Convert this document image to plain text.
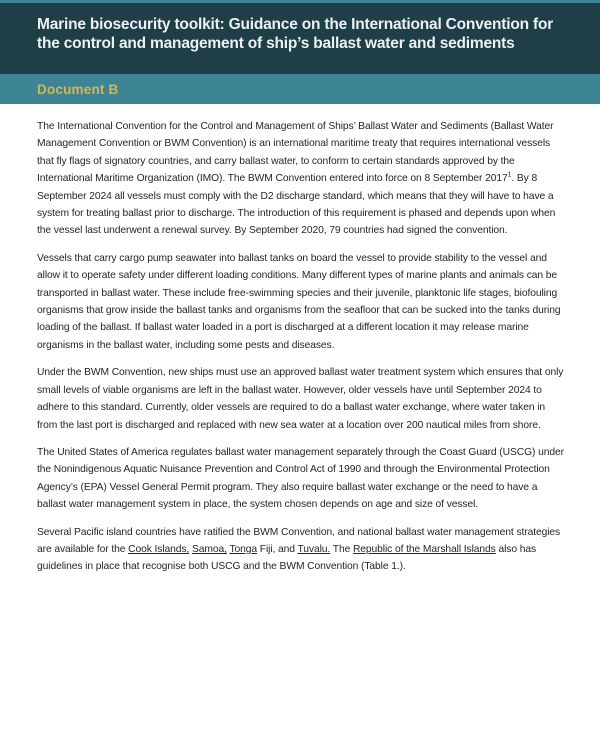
Marine biosecurity toolkit: Guidance on the International Convention for the control and management of ship’s ballast water and sediments
Document B

The International Convention for the Control and Management of Ships’ Ballast Water and Sediments (Ballast Water Management Convention or BWM Convention) is an international maritime treaty that requires international vessels that fly flags of signatory countries, and carry ballast water, to conform to certain standards approved by the International Maritime Organization (IMO). The BWM Convention entered into force on 8 September 2017$^1$. By 8 September 2024 all vessels must comply with the D2 discharge standard, which means that they will have to have a system for treating ballast prior to discharge. The introduction of this requirement is phased and depends upon when the vessel last underwent a renewal survey. By September 2020, 79 countries had signed the convention.

Vessels that carry cargo pump seawater into ballast tanks on board the vessel to provide stability to the vessel and allow it to operate safety under different loading conditions. Many different types of marine plants and animals can be transported in ballast water. These include free-swimming species and their juvenile, planktonic life stages, biofouling organisms that grow inside the ballast tanks and organisms from the seafloor that can be sucked into the tanks during loading of the ballast. If ballast water loaded in a port is discharged at a different location it may release marine organisms in the ballast water, including some pests and diseases.

Under the BWM Convention, new ships must use an approved ballast water treatment system which ensures that only small levels of viable organisms are left in the ballast water. However, older vessels have until September 2024 to adhere to this standard. Currently, older vessels are required to do a ballast water exchange, where water taken in from the last port is discharged and replaced with new sea water at a location over 200 nautical miles from shore.

The United States of America regulates ballast water management separately through the Coast Guard (USCG) under the Nonindigenous Aquatic Nuisance Prevention and Control Act of 1990 and through the Environmental Protection Agency’s (EPA) Vessel General Permit program. They also require ballast water exchange or the need to have a ballast water management system in place, the system chosen depends on age and size of vessel.

Several Pacific island countries have ratified the BWM Convention, and national ballast water management strategies are available for the Cook Islands, Samoa, Tonga Fiji, and Tuvalu. The Republic of the Marshall Islands also has guidelines in place that recognise both USCG and the BWM Convention (Table 1.).
